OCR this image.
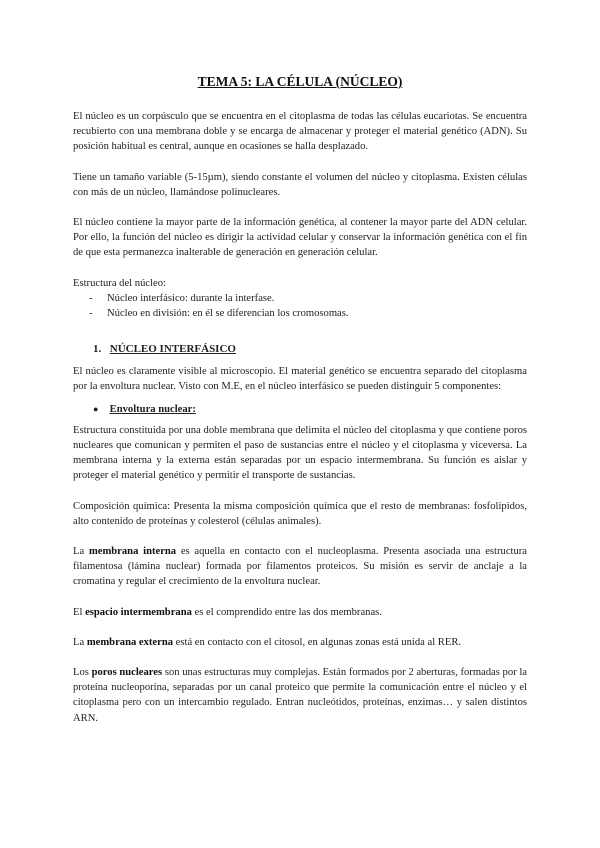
TEMA 5: LA CÉLULA (NÚCLEO)

El núcleo es un corpúsculo que se encuentra en el citoplasma de todas las células eucariotas. Se encuentra recubierto con una membrana doble y se encarga de almacenar y proteger el material genético (ADN). Su posición habitual es central, aunque en ocasiones se halla desplazado.

Tiene un tamaño variable (5-15µm), siendo constante el volumen del núcleo y citoplasma. Existen células con más de un núcleo, llamándose polinucleares.

El núcleo contiene la mayor parte de la información genética, al contener la mayor parte del ADN celular. Por ello, la función del núcleo es dirigir la actividad celular y conservar la información genética con el fin de que esta permanezca inalterable de generación en generación celular.

Estructura del núcleo:

- Núcleo interfásico: durante la interfase.
- Núcleo en división: en él se diferencian los cromosomas.
1. NÚCLEO INTERFÁSICO

El núcleo es claramente visible al microscopio. El material genético se encuentra separado del citoplasma por la envoltura nuclear. Visto con M.E, en el núcleo interfásico se pueden distinguir 5 componentes:

● Envoltura nuclear:

Estructura constituida por una doble membrana que delimita el núcleo del citoplasma y que contiene poros nucleares que comunican y permiten el paso de sustancias entre el núcleo y el citoplasma y viceversa. La membrana interna y la externa están separadas por un espacio intermembrana. Su función es aislar y proteger el material genético y permitir el transporte de sustancias.

Composición química: Presenta la misma composición química que el resto de membranas: fosfolípidos, alto contenido de proteínas y colesterol (células animales).

La membrana interna es aquella en contacto con el nucleoplasma. Presenta asociada una estructura filamentosa (lámina nuclear) formada por filamentos proteicos. Su misión es servir de anclaje a la cromatina y regular el crecimiento de la envoltura nuclear.

El espacio intermembrana es el comprendido entre las dos membranas.

La membrana externa está en contacto con el citosol, en algunas zonas está unida al RER.

Los poros nucleares son unas estructuras muy complejas. Están formados por 2 aberturas, formadas por la proteína nucleoporina, separadas por un canal proteico que permite la comunicación entre el núcleo y el citoplasma pero con un intercambio regulado. Entran nucleótidos, proteínas, enzimas… y salen distintos ARN.
